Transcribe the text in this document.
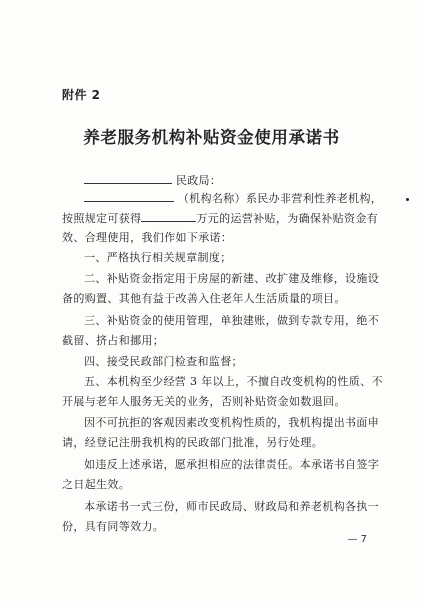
附件 2
养老服务机构补贴资金使用承诺书
民政局：
（机构名称）系民办非营利性养老机构，
按照规定可获得	万元的运营补贴，为确保补贴资金有
效、合理使用，我们作如下承诺：
一、严格执行相关规章制度；
二、补贴资金指定用于房屋的新建、改扩建及维修，设施设
备的购置、其他有益于改善入住老年人生活质量的项目。
三、补贴资金的使用管理，单独建账，做到专款专用，绝不
截留、挤占和挪用；
四、接受民政部门检查和监督；
五、本机构至少经营 3 年以上，不擅自改变机构的性质、不
开展与老年人服务无关的业务，否则补贴资金如数退回。
因不可抗拒的客观因素改变机构性质的，我机构提出书面申
请，经登记注册我机构的民政部门批准，另行处理。
如违反上述承诺，愿承担相应的法律责任。本承诺书自签字
之日起生效。
本承诺书一式三份，师市民政局、财政局和养老机构各执一
份，具有同等效力。
— 7
